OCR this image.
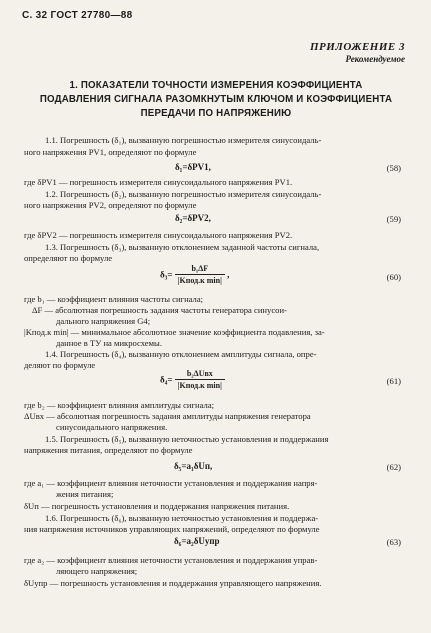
С. 32 ГОСТ 27780—88
ПРИЛОЖЕНИЕ 3
Рекомендуемое
1. ПОКАЗАТЕЛИ ТОЧНОСТИ ИЗМЕРЕНИЯ КОЭФФИЦИЕНТА
ПОДАВЛЕНИЯ СИГНАЛА РАЗОМКНУТЫМ КЛЮЧОМ И КОЭФФИЦИЕНТА
ПЕРЕДАЧИ ПО НАПРЯЖЕНИЮ
1.1. Погрешность (δ₁), вызванную погрешностью измерителя синусоидаль-
ного напряжения PV1, определяют по формуле
δ₁=δPV1,	(58)
где δPV1 — погрешность измерителя синусоидального напряжения PV1.
1.2. Погрешность (δ₂), вызванную погрешностью измерителя синусоидаль-
ного напряжения PV2, определяют по формуле
δ₂=δPV2,	(59)
где δPV2 — погрешность измерителя синусоидального напряжения PV2.
1.3. Погрешность (δ₃), вызванную отклонением заданной частоты сигнала,
определяют по формуле
$\delta_3= \frac{\text{b₁ΔF}}{\text{|Kпод.к min|}}$ ,	(60)
где b₁ — коэффициент влияния частоты сигнала;
ΔF — абсолютная погрешность задания частоты генератора синусои-
дального напряжения G4;
|Kпод.к min| — минимальное абсолютное значение коэффициента подавления, за-
данное в ТУ на микросхемы.
1.4. Погрешность (δ₄), вызванную отклонением амплитуды сигнала, опре-
деляют по формуле
$\delta_4= \frac{\text{b₂ΔUвх}}{\text{|Kпод.к min|}}$	(61)
где b₂ — коэффициент влияния амплитуды сигнала;
ΔUвх — абсолютная погрешность задания амплитуды напряжения генератора
синусоидального напряжения.
1.5. Погрешность (δ₅), вызванную неточностью установления и поддержания
напряжения питания, определяют по формуле
δ₅=a₁δUп,	(62)
где a₁ — коэффициент влияния неточности установления и поддержания напря-
жения питания;
δUп — погрешность установления и поддержания напряжения питания.
1.6. Погрешность (δ₆), вызванную неточностью установления и поддержа-
ния напряжения источников управляющих напряжений, определяют по формуле
δ₆=a₂δUупр	(63)
где a₂ — коэффициент влияния неточности установления и поддержания управ-
ляющего напряжения;
δUупр — погрешность установления и поддержания управляющего напряжения.
